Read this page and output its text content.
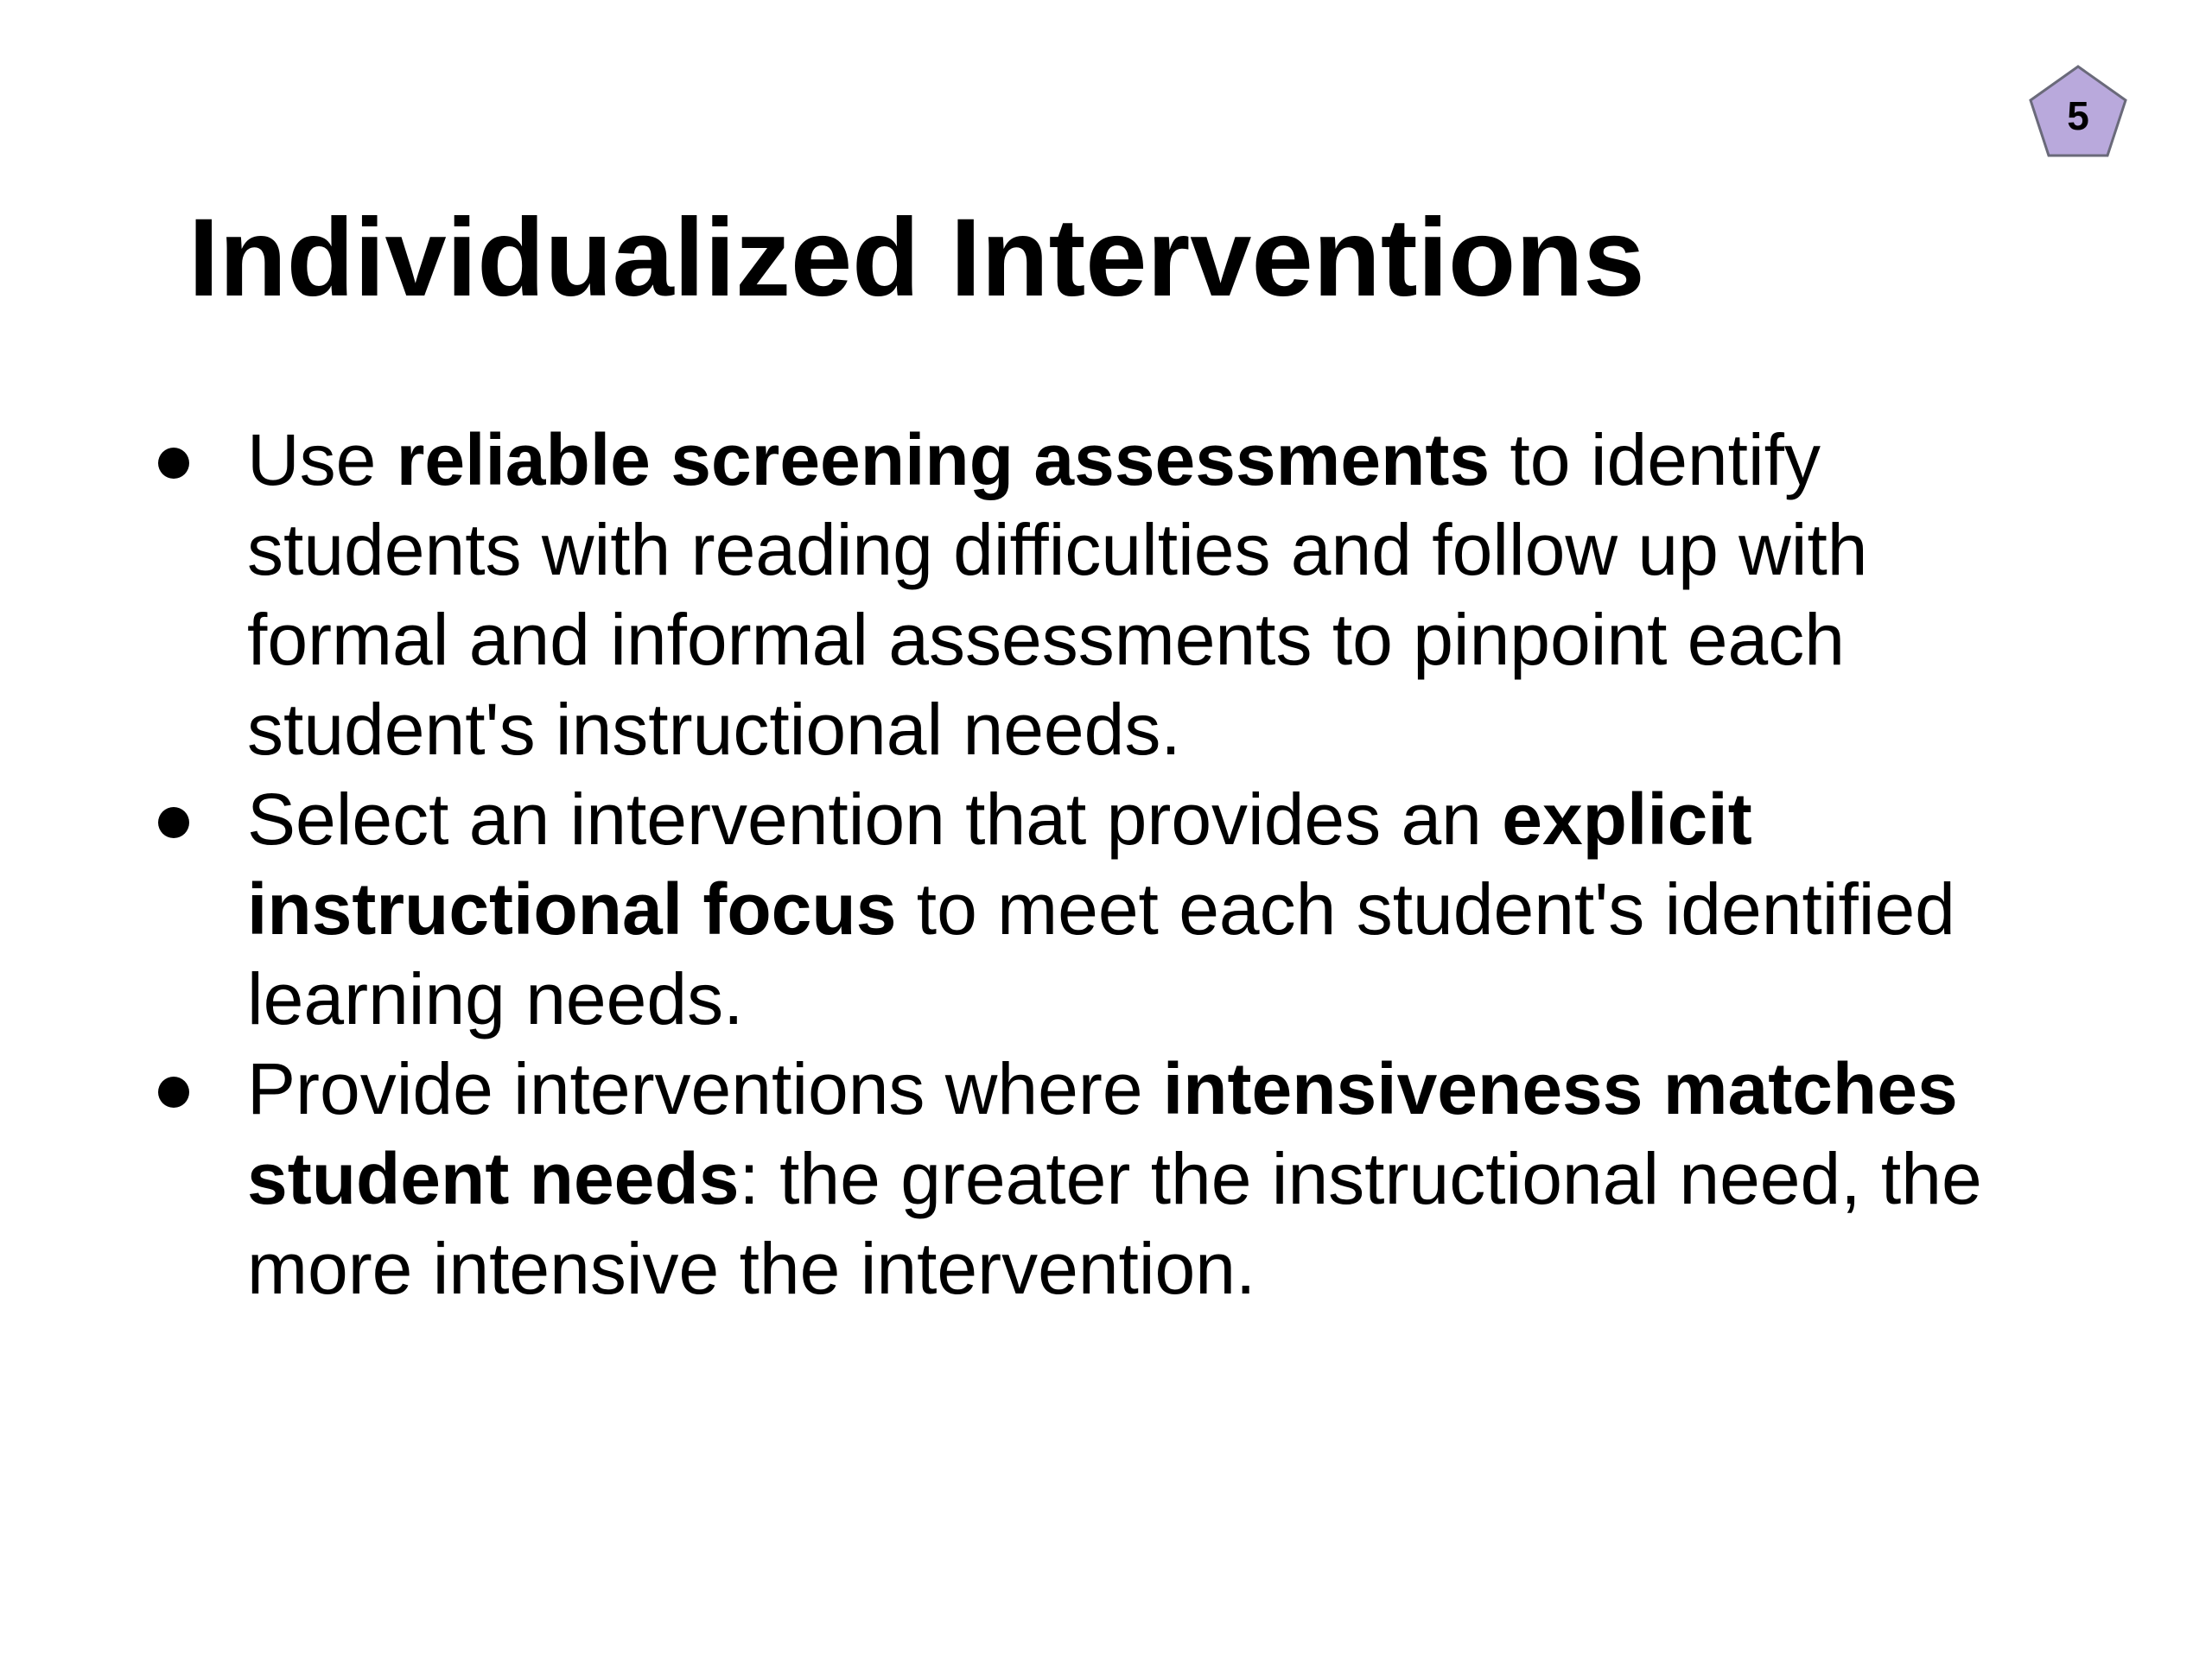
5
Individualized Interventions
Use reliable screening assessments to identify
students with reading difficulties and follow up with
formal and informal assessments to pinpoint each
student's instructional needs.
Select an intervention that provides an explicit
instructional focus to meet each student's identified
learning needs.
Provide interventions where intensiveness matches
student needs: the greater the instructional need, the
more intensive the intervention.
